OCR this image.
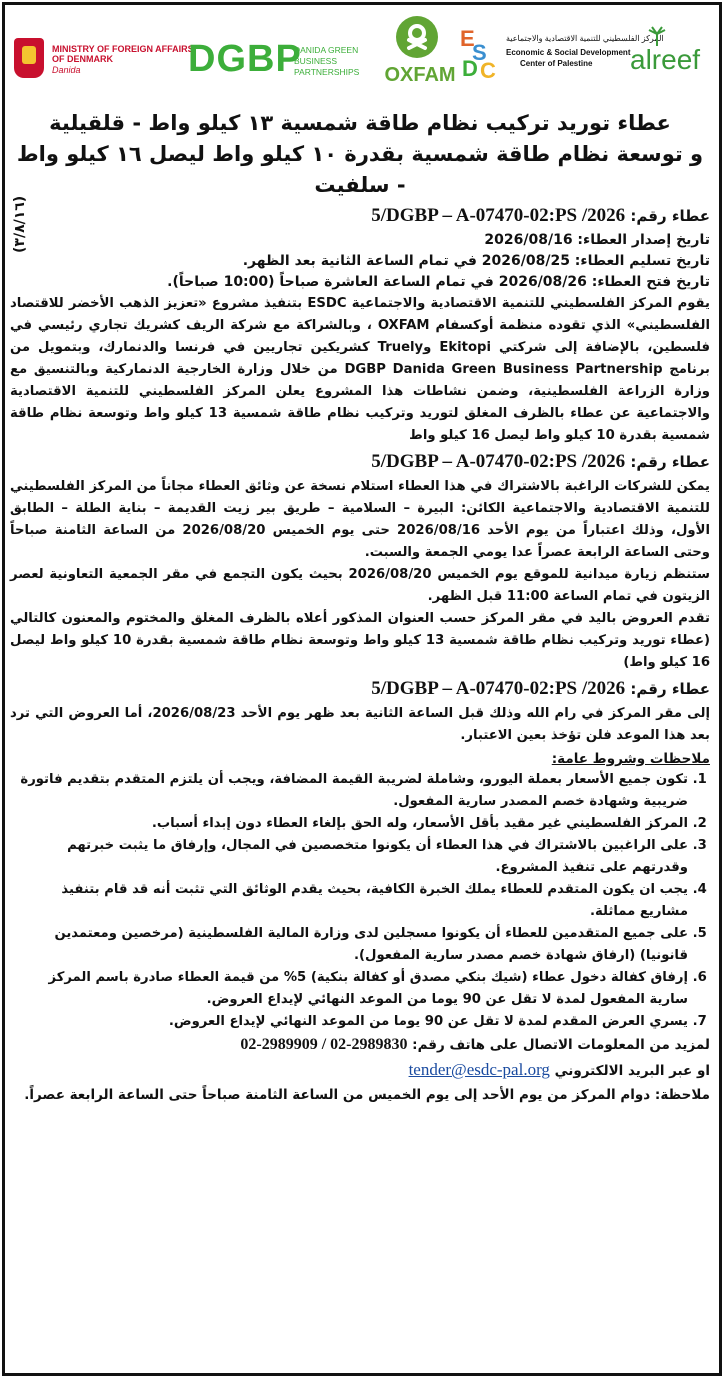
MINISTRY OF FOREIGN AFFAIRS
OF DENMARK
Danida	DGBP
DANIDA GREEN BUSINESS PARTNERSHIPS	OXFAM
E
S
D C
المركز الفلسطيني للتنمية الاقتصادية والاجتماعية
Economic & Social Development
Center of Palestine alreef
(٣/٨/١٦)
عطاء توريد تركيب نظام طاقة شمسية ١٣ كيلو واط - قلقيلية
و توسعة نظام طاقة شمسية بقدرة ١٠ كيلو واط ليصل ١٦ كيلو واط - سلفيت
عطاء رقم: 5/DGBP – A-07470-02:PS /2026
تاريخ إصدار العطاء: 2026/08/16
تاريخ تسليم العطاء: 2026/08/25 في تمام الساعة الثانية بعد الظهر.
تاريخ فتح العطاء: 2026/08/26 في تمام الساعة العاشرة صباحاً (10:00 صباحاً).

يقوم المركز الفلسطيني للتنمية الاقتصادية والاجتماعية ESDC بتنفيذ مشروع «تعزيز الذهب الأخضر للاقتصاد الفلسطيني» الذي تقوده منظمة أوكسفام OXFAM ، وبالشراكة مع شركة الريف كشريك تجاري رئيسي في فلسطين، بالإضافة إلى شركتي Ekitopi وTruely كشريكين تجاريين في فرنسا والدنمارك، وبتمويل من برنامج DGBP Danida Green Business Partnership من خلال وزارة الخارجية الدنماركية وبالتنسيق مع وزارة الزراعة الفلسطينية، وضمن نشاطات هذا المشروع يعلن المركز الفلسطيني للتنمية الاقتصادية والاجتماعية عن عطاء بالظرف المغلق لتوريد وتركيب نظام طاقة شمسية 13 كيلو واط وتوسعة نظام طاقة شمسية بقدرة 10 كيلو واط ليصل 16 كيلو واط

عطاء رقم: 5/DGBP – A-07470-02:PS /2026

يمكن للشركات الراغبة بالاشتراك في هذا العطاء استلام نسخة عن وثائق العطاء مجاناً من المركز الفلسطيني للتنمية الاقتصادية والاجتماعية الكائن: البيرة – السلامية – طريق بير زيت القديمة – بناية الطلة – الطابق الأول، وذلك اعتباراً من يوم الأحد 2026/08/16 حتى يوم الخميس 2026/08/20 من الساعة الثامنة صباحاً وحتى الساعة الرابعة عصراً عدا يومي الجمعة والسبت.

ستنظم زيارة ميدانية للموقع يوم الخميس 2026/08/20 بحيث يكون التجمع في مقر الجمعية التعاونية لعصر الزيتون في تمام الساعة 11:00 قبل الظهر.

تقدم العروض باليد في مقر المركز حسب العنوان المذكور أعلاه بالظرف المغلق والمختوم والمعنون كالتالي (عطاء توريد وتركيب نظام طاقة شمسية 13 كيلو واط وتوسعة نظام طاقة شمسية بقدرة 10 كيلو واط ليصل 16 كيلو واط)

عطاء رقم: 5/DGBP – A-07470-02:PS /2026

إلى مقر المركز في رام الله وذلك قبل الساعة الثانية بعد ظهر يوم الأحد 2026/08/23، أما العروض التي ترد بعد هذا الموعد فلن تؤخذ بعين الاعتبار.

ملاحظات وشروط عامة:
1. تكون جميع الأسعار بعملة اليورو، وشاملة لضريبة القيمة المضافة، ويجب أن يلتزم المتقدم بتقديم فاتورة ضريبية وشهادة خصم المصدر سارية المفعول.
2. المركز الفلسطيني غير مقيد بأقل الأسعار، وله الحق بإلغاء العطاء دون إبداء أسباب.
3. على الراغبين بالاشتراك في هذا العطاء أن يكونوا متخصصين في المجال، وإرفاق ما يثبت خبرتهم وقدرتهم على تنفيذ المشروع.
4. يجب ان يكون المتقدم للعطاء يملك الخبرة الكافية، بحيث يقدم الوثائق التي تثبت أنه قد قام بتنفيذ مشاريع مماثلة.
5. على جميع المتقدمين للعطاء أن يكونوا مسجلين لدى وزارة المالية الفلسطينية (مرخصين ومعتمدين قانونيا) (ارفاق شهادة خصم مصدر سارية المفعول).
6. إرفاق كفالة دخول عطاء (شيك بنكي مصدق أو كفالة بنكية) 5% من قيمة العطاء صادرة باسم المركز سارية المفعول لمدة لا تقل عن 90 يوما من الموعد النهائي لإيداع العروض.
7. يسري العرض المقدم لمدة لا تقل عن 90 يوما من الموعد النهائي لإيداع العروض.
لمزيد من المعلومات الاتصال على هاتف رقم: 02-2989909 / 02-2989830
او عبر البريد الالكتروني tender@esdc-pal.org
ملاحظة: دوام المركز من يوم الأحد إلى يوم الخميس من الساعة الثامنة صباحاً حتى الساعة الرابعة عصراً.
